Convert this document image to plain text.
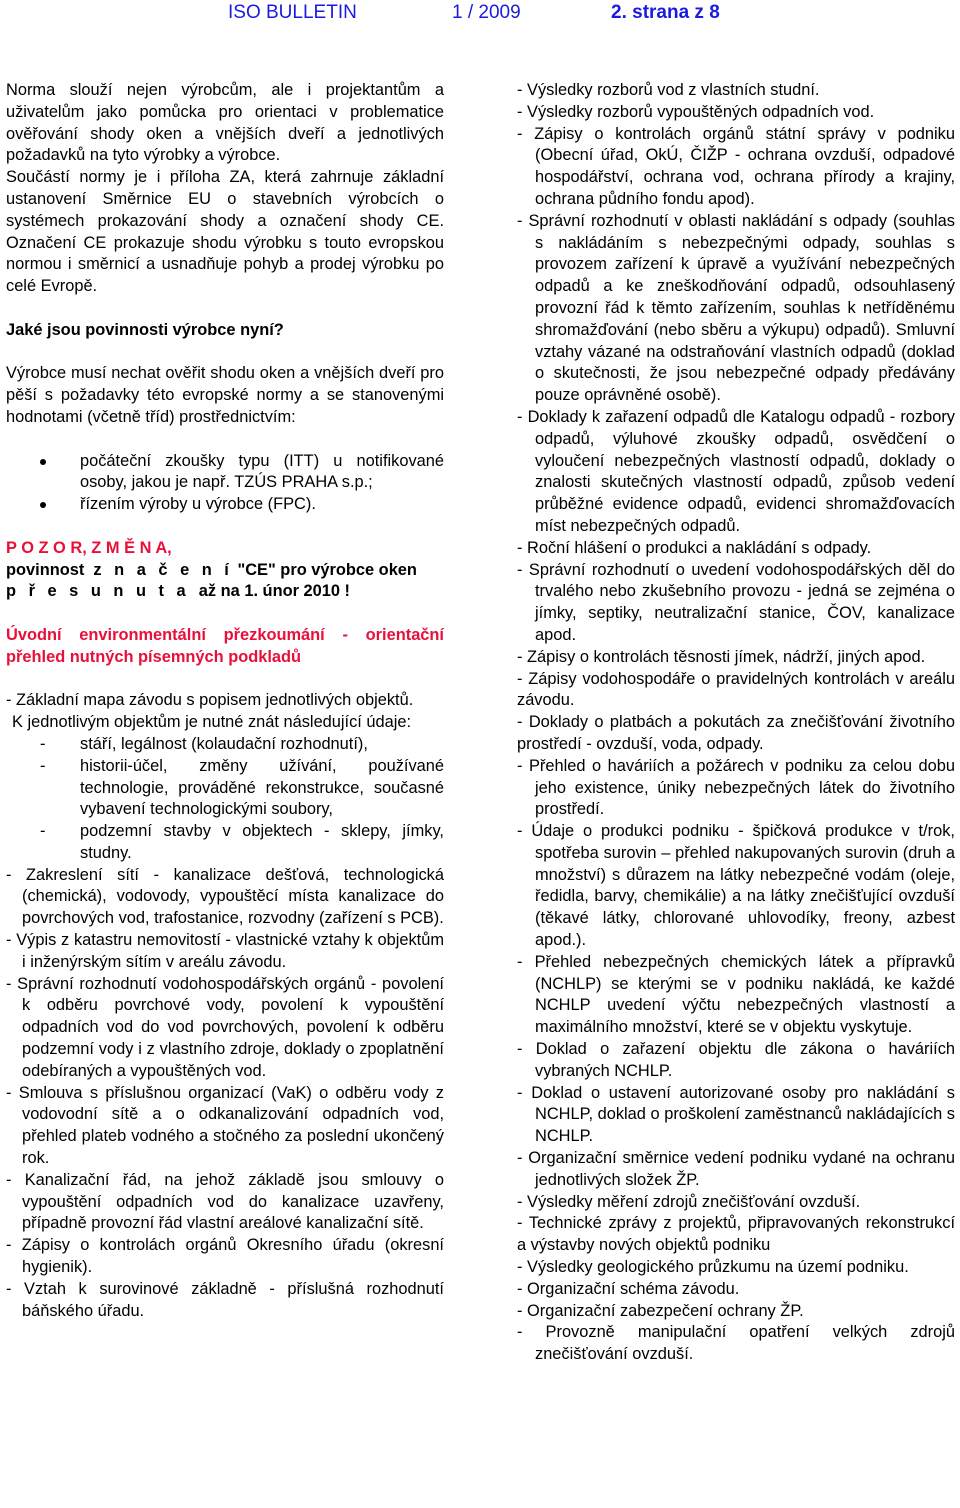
ISO BULLETIN	1 / 2009	2. strana z 8

Norma slouží nejen výrobcům, ale i projektantům a uživatelům jako pomůcka pro orientaci v problematice ověřování shody oken a vnějších dveří a jednotlivých požadavků na tyto výrobky a výrobce.

Součástí normy je i příloha ZA, která zahrnuje základní ustanovení Směrnice EU o stavebních výrobcích o systémech prokazování shody a označení shody CE. Označení CE prokazuje shodu výrobku s touto evropskou normou i směrnicí a usnadňuje pohyb a prodej výrobku po celé Evropě.

Jaké jsou povinnosti výrobce nyní?

Výrobce musí nechat ověřit shodu oken a vnějších dveří pro pěší s požadavky této evropské normy a se stanovenými hodnotami (včetně tříd) prostřednictvím:

počáteční zkoušky typu (ITT) u notifikované osoby, jakou je např. TZÚS PRAHA s.p.;
řízením výroby u výrobce (FPC).

P O Z O R, Z M Ě N A,

povinnost z n a č e n í "CE" pro výrobce oken

p ř e s u n u t a až na 1. únor 2010 !

Úvodní environmentální přezkoumání - orientační přehled nutných písemných podkladů

- Základní mapa závodu s popisem jednotlivých objektů.

K jednotlivým objektům je nutné znát následující údaje:

- stáří, legálnost (kolaudační rozhodnutí),
- historii-účel, změny užívání, používané technologie, prováděné rekonstrukce, současné vybavení technologickými soubory,
- podzemní stavby v objektech - sklepy, jímky, studny.

- Zakreslení sítí - kanalizace dešťová, technologická (chemická), vodovody, vypouštěcí místa kanalizace do povrchových vod, trafostanice, rozvodny (zařízení s PCB).

- Výpis z katastru nemovitostí - vlastnické vztahy k objektům i inženýrským sítím v areálu závodu.

- Správní rozhodnutí vodohospodářských orgánů - povolení k odběru povrchové vody, povolení k vypouštění odpadních vod do vod povrchových, povolení k odběru podzemní vody i z vlastního zdroje, doklady o zpoplatnění odebíraných a vypouštěných vod.

- Smlouva s příslušnou organizací (VaK) o odběru vody z vodovodní sítě a o odkanalizování odpadních vod, přehled plateb vodného a stočného za poslední ukončený rok.

- Kanalizační řád, na jehož základě jsou smlouvy o vypouštění odpadních vod do kanalizace uzavřeny, případně provozní řád vlastní areálové kanalizační sítě.

- Zápisy o kontrolách orgánů Okresního úřadu (okresní hygienik).

- Vztah k surovinové základně - příslušná rozhodnutí báňského úřadu.

- Výsledky rozborů vod z vlastních studní.

- Výsledky rozborů vypouštěných odpadních vod.

- Zápisy o kontrolách orgánů státní správy v podniku (Obecní úřad, OkÚ, ČIŽP - ochrana ovzduší, odpadové hospodářství, ochrana vod, ochrana přírody a krajiny, ochrana půdního fondu apod).

- Správní rozhodnutí v oblasti nakládání s odpady (souhlas s nakládáním s nebezpečnými odpady, souhlas s provozem zařízení k úpravě a využívání nebezpečných odpadů a ke zneškodňování odpadů, odsouhlasený provozní řád k těmto zařízením, souhlas k netříděnému shromažďování (nebo sběru a výkupu) odpadů). Smluvní vztahy vázané na odstraňování vlastních odpadů (doklad o skutečnosti, že jsou nebezpečné odpady předávány pouze oprávněné osobě).

- Doklady k zařazení odpadů dle Katalogu odpadů - rozbory odpadů, výluhové zkoušky odpadů, osvědčení o vyloučení nebezpečných vlastností odpadů, doklady o znalosti skutečných vlastností odpadů, způsob vedení průběžné evidence odpadů, evidenci shromažďovacích míst nebezpečných odpadů.

- Roční hlášení o produkci a nakládání s odpady.

- Správní rozhodnutí o uvedení vodohospodářských děl do trvalého nebo zkušebního provozu - jedná se zejména o jímky, septiky, neutralizační stanice, ČOV, kanalizace apod.

- Zápisy o kontrolách těsnosti jímek, nádrží, jiných apod.

- Zápisy vodohospodáře o pravidelných kontrolách v areálu závodu.

- Doklady o platbách a pokutách za znečišťování životního prostředí - ovzduší, voda, odpady.

- Přehled o haváriích a požárech v podniku za celou dobu jeho existence, úniky nebezpečných látek do životního prostředí.

- Údaje o produkci podniku - špičková produkce v t/rok, spotřeba surovin – přehled nakupovaných surovin (druh a množství) s důrazem na látky nebezpečné vodám (oleje, ředidla, barvy, chemikálie) a na látky znečišťující ovzduší (těkavé látky, chlorované uhlovodíky, freony, azbest apod.).

- Přehled nebezpečných chemických látek a přípravků (NCHLP) se kterými se v podniku nakládá, ke každé NCHLP uvedení výčtu nebezpečných vlastností a maximálního množství, které se v objektu vyskytuje.

- Doklad o zařazení objektu dle zákona o haváriích vybraných NCHLP.

- Doklad o ustavení autorizované osoby pro nakládání s NCHLP, doklad o proškolení zaměstnanců nakládajících s NCHLP.

- Organizační směrnice vedení podniku vydané na ochranu jednotlivých složek ŽP.

- Výsledky měření zdrojů znečišťování ovzduší.

- Technické zprávy z projektů, připravovaných rekonstrukcí a výstavby nových objektů podniku

- Výsledky geologického průzkumu na území podniku.

- Organizační schéma závodu.

- Organizační zabezpečení ochrany ŽP.

- Provozně manipulační opatření velkých zdrojů znečišťování ovzduší.
